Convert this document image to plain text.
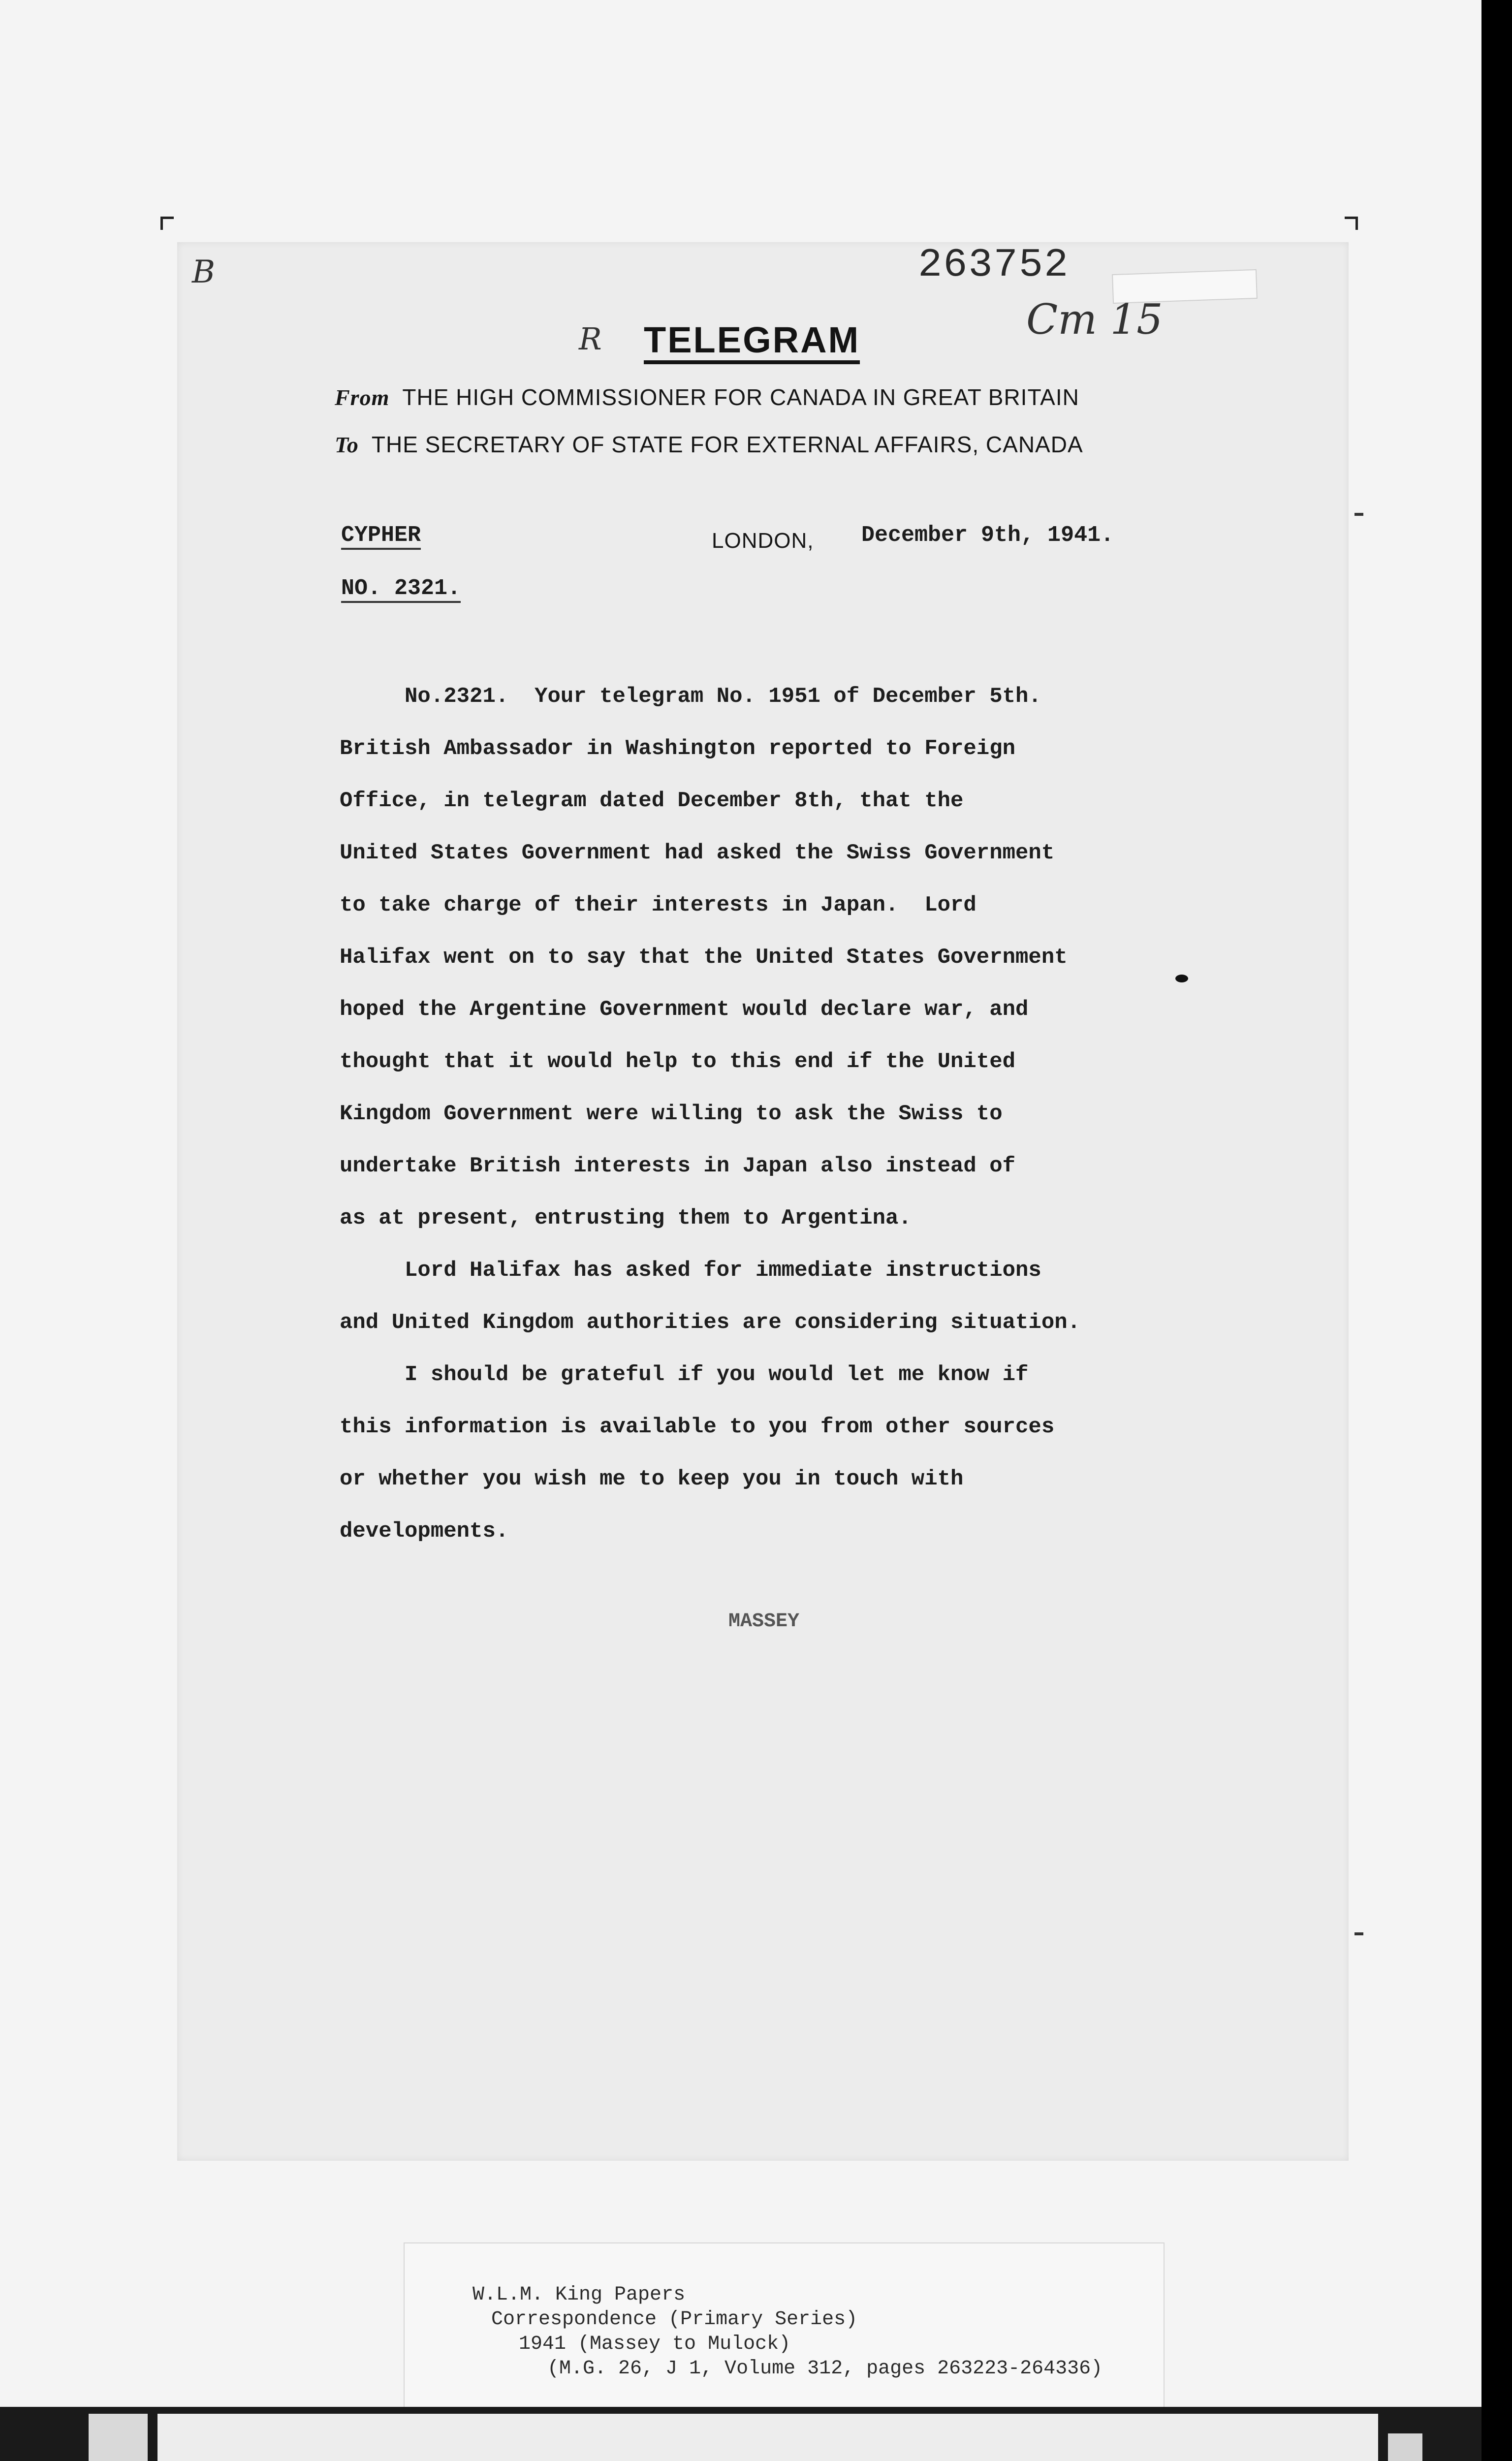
263752
B
R	Cm 15
TELEGRAM
From THE HIGH COMMISSIONER FOR CANADA IN GREAT BRITAIN
To THE SECRETARY OF STATE FOR EXTERNAL AFFAIRS, CANADA
CYPHER
NO. 2321.
LONDON, December 9th, 1941.

No.2321.  Your telegram No. 1951 of December 5th.
British Ambassador in Washington reported to Foreign
Office, in telegram dated December 8th, that the
United States Government had asked the Swiss Government
to take charge of their interests in Japan.  Lord
Halifax went on to say that the United States Government
hoped the Argentine Government would declare war, and
thought that it would help to this end if the United
Kingdom Government were willing to ask the Swiss to
undertake British interests in Japan also instead of
as at present, entrusting them to Argentina.

Lord Halifax has asked for immediate instructions
and United Kingdom authorities are considering situation.

I should be grateful if you would let me know if
this information is available to you from other sources
or whether you wish me to keep you in touch with
developments.

MASSEY
W.L.M. King Papers
Correspondence (Primary Series)
1941 (Massey to Mulock)
(M.G. 26, J 1, Volume 312, pages 263223-264336)
